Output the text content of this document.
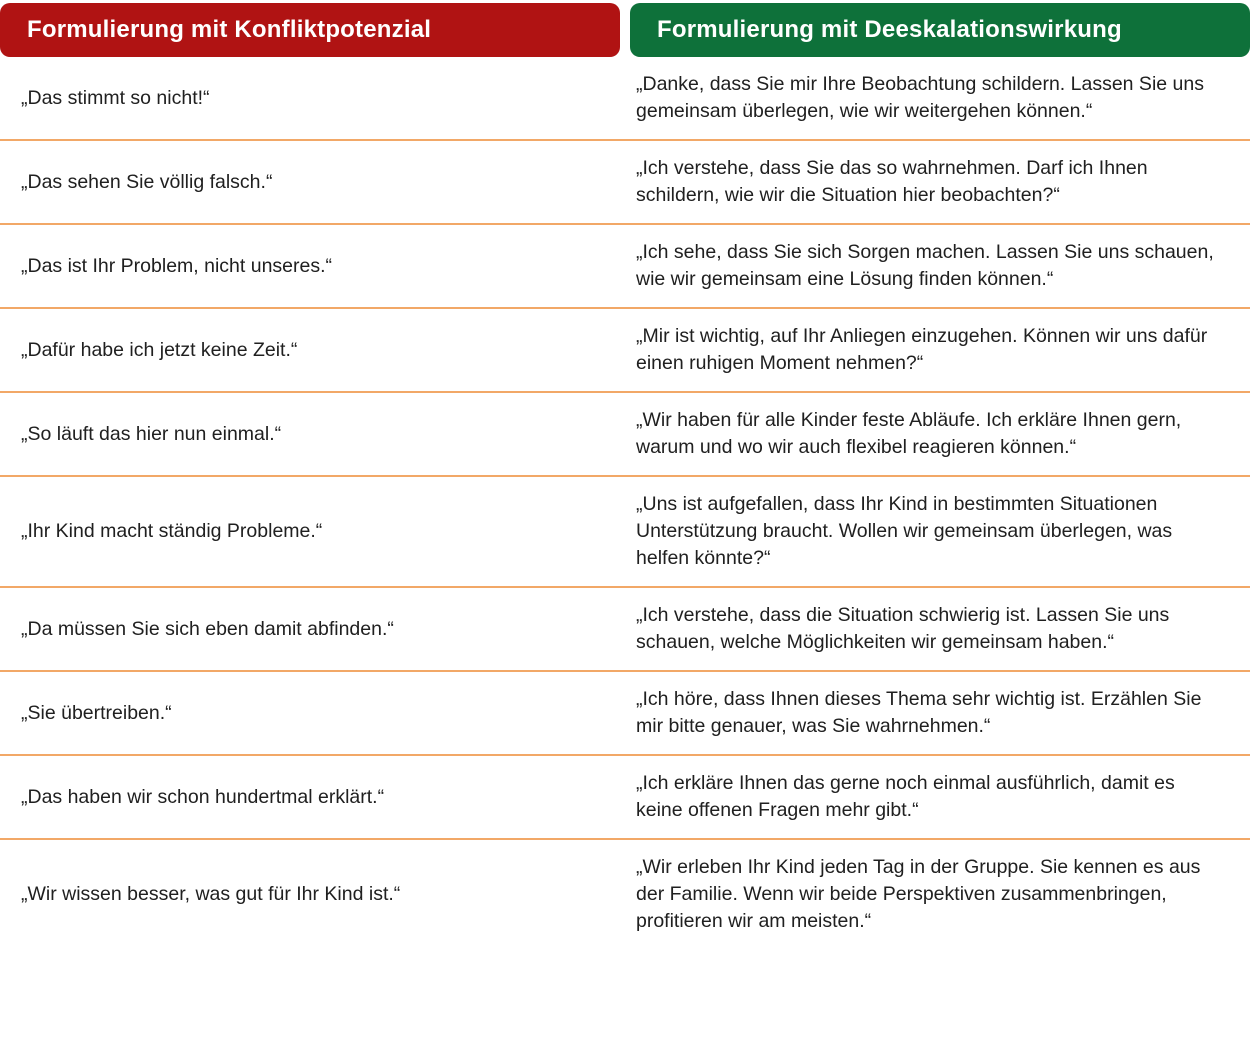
Formulierung mit Konfliktpotenzial	Formulierung mit Deeskalationswirkung

„Das stimmt so nicht!“

„Danke, dass Sie mir Ihre Beobachtung schildern. Lassen Sie uns gemeinsam überlegen, wie wir weitergehen können.“

„Das sehen Sie völlig falsch.“

„Ich verstehe, dass Sie das so wahrnehmen. Darf ich Ihnen schildern, wie wir die Situation hier beobachten?“

„Das ist Ihr Problem, nicht unseres.“

„Ich sehe, dass Sie sich Sorgen machen. Lassen Sie uns schauen, wie wir gemeinsam eine Lösung finden können.“

„Dafür habe ich jetzt keine Zeit.“

„Mir ist wichtig, auf Ihr Anliegen einzugehen. Können wir uns dafür einen ruhigen Moment nehmen?“

„So läuft das hier nun einmal.“

„Wir haben für alle Kinder feste Abläufe. Ich erkläre Ihnen gern, warum und wo wir auch flexibel reagieren können.“

„Ihr Kind macht ständig Probleme.“

„Uns ist aufgefallen, dass Ihr Kind in bestimmten Situationen Unterstützung braucht. Wollen wir gemeinsam überlegen, was helfen könnte?“

„Da müssen Sie sich eben damit abfinden.“

„Ich verstehe, dass die Situation schwierig ist. Lassen Sie uns schauen, welche Möglichkeiten wir gemeinsam haben.“

„Sie übertreiben.“

„Ich höre, dass Ihnen dieses Thema sehr wichtig ist. Erzählen Sie mir bitte genauer, was Sie wahrnehmen.“

„Das haben wir schon hundertmal erklärt.“

„Ich erkläre Ihnen das gerne noch einmal ausführlich, damit es keine offenen Fragen mehr gibt.“

„Wir wissen besser, was gut für Ihr Kind ist.“

„Wir erleben Ihr Kind jeden Tag in der Gruppe. Sie kennen es aus der Familie. Wenn wir beide Perspektiven zusammenbringen, profitieren wir am meisten.“
